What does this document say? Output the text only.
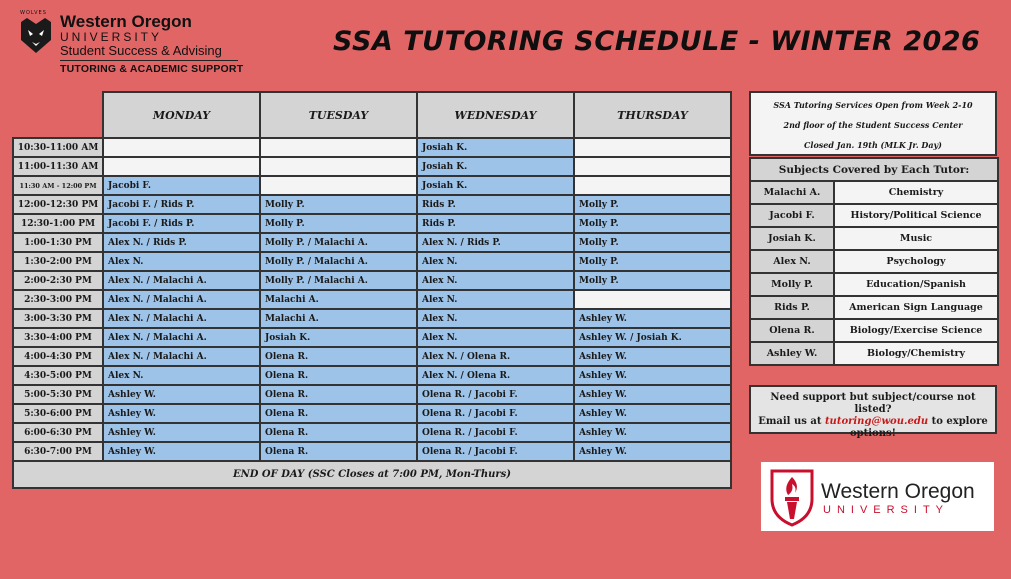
WOLVES Western Oregon
UNIVERSITY
Student Success & Advising
TUTORING & ACADEMIC SUPPORT
SSA TUTORING SCHEDULE - WINTER 2026
	MONDAY	TUESDAY	WEDNESDAY	THURSDAY
10:30-11:00 AM			Josiah K.	
11:00-11:30 AM			Josiah K.	
11:30 AM - 12:00 PM	Jacobi F.		Josiah K.	
12:00-12:30 PM	Jacobi F. / Rids P.	Molly P.	Rids P.	Molly P.
12:30-1:00 PM	Jacobi F. / Rids P.	Molly P.	Rids P.	Molly P.
1:00-1:30 PM	Alex N. / Rids P.	Molly P. / Malachi A.	Alex N. / Rids P.	Molly P.
1:30-2:00 PM	Alex N.	Molly P. / Malachi A.	Alex N.	Molly P.
2:00-2:30 PM	Alex N. / Malachi A.	Molly P. / Malachi A.	Alex N.	Molly P.
2:30-3:00 PM	Alex N. / Malachi A.	Malachi A.	Alex N.	
3:00-3:30 PM	Alex N. / Malachi A.	Malachi A.	Alex N.	Ashley W.
3:30-4:00 PM	Alex N. / Malachi A.	Josiah K.	Alex N.	Ashley W. / Josiah K.
4:00-4:30 PM	Alex N. / Malachi A.	Olena R.	Alex N. / Olena R.	Ashley W.
4:30-5:00 PM	Alex N.	Olena R.	Alex N. / Olena R.	Ashley W.
5:00-5:30 PM	Ashley W.	Olena R.	Olena R. / Jacobi F.	Ashley W.
5:30-6:00 PM	Ashley W.	Olena R.	Olena R. / Jacobi F.	Ashley W.
6:00-6:30 PM	Ashley W.	Olena R.	Olena R. / Jacobi F.	Ashley W.
6:30-7:00 PM	Ashley W.	Olena R.	Olena R. / Jacobi F.	Ashley W.
END OF DAY (SSC Closes at 7:00 PM, Mon-Thurs)				
SSA Tutoring Services Open from Week 2-10
2nd floor of the Student Success Center
Closed Jan. 19th (MLK Jr. Day)
Subjects Covered by Each Tutor:	
Malachi A.	Chemistry
Jacobi F.	History/Political Science
Josiah K.	Music
Alex N.	Psychology
Molly P.	Education/Spanish
Rids P.	American Sign Language
Olena R.	Biology/Exercise Science
Ashley W.	Biology/Chemistry
Need support but subject/course not listed?
Email us at tutoring@wou.edu to explore
options!
Western Oregon
UNIVERSITY
